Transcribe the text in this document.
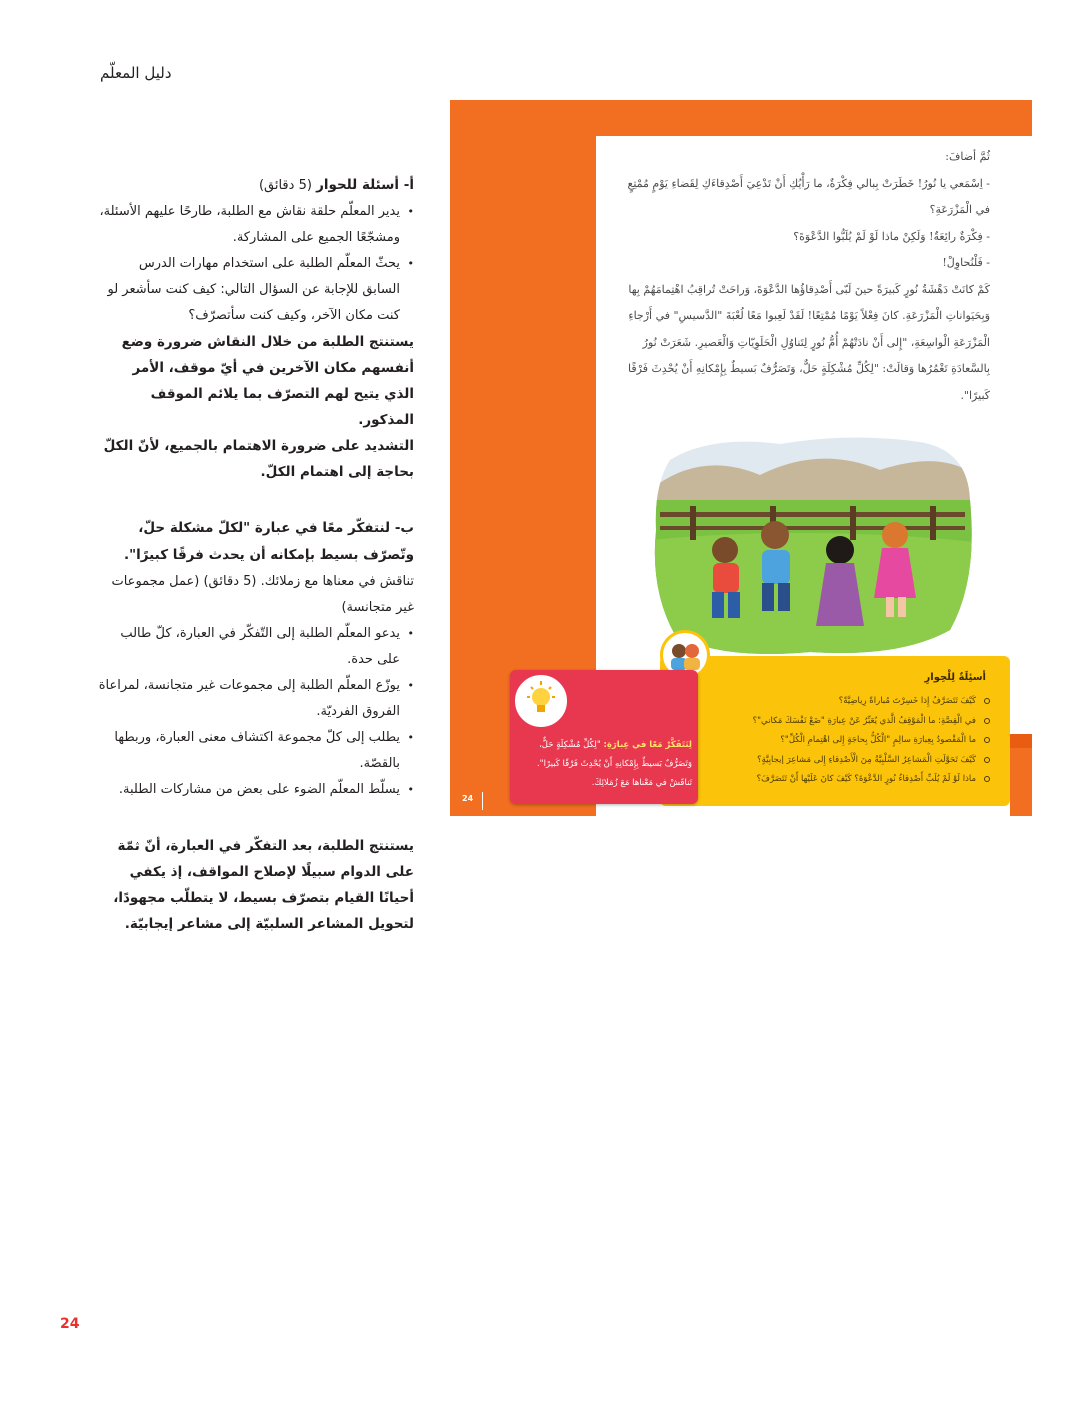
دليل المعلّم

أ- أسئلة للحوار (5 دقائق)

• يدير المعلّم حلقة نقاش مع الطلبة، طارحًا عليهم الأسئلة، ومشجّعًا الجميع على المشاركة.
• يحثّ المعلّم الطلبة على استخدام مهارات الدرس السابق للإجابة عن السؤال التالي: كيف كنت سأشعر لو كنت مكان الآخر، وكيف كنت سأتصرّف؟

يستنتج الطلبة من خلال النقاش ضرورة وضع أنفسهم مكان الآخرين في أيّ موقف، الأمر الذي يتيح لهم التصرّف بما يلائم الموقف المذكور.

التشديد على ضرورة الاهتمام بالجميع، لأنّ الكلّ بحاجة إلى اهتمام الكلّ.

ب- لنتفكّر معًا في عبارة "لكلّ مشكلة حلّ، وتّصرّف بسيط بإمكانه أن يحدث فرقًا كبيرًا". تناقش في معناها مع زملائك. (5 دقائق) (عمل مجموعات غير متجانسة)

• يدعو المعلّم الطلبة إلى التّفكّر في العبارة، كلّ طالب على حدة.
• يوزّع المعلّم الطلبة إلى مجموعات غير متجانسة، لمراعاة الفروق الفرديّة.
• يطلب إلى كلّ مجموعة اكتشاف معنى العبارة، وربطها بالقصّة.
• يسلّط المعلّم الضوء على بعض من مشاركات الطلبة.

يستنتج الطلبة، بعد التفكّر في العبارة، أنّ ثمّة على الدوام سبيلًا لإصلاح المواقف، إذ يكفي أحيانًا القيام بتصرّف بسيط، لا يتطلّب مجهودًا، لتحويل المشاعر السلبيّة إلى مشاعر إيجابيّة.

ثُمَّ أضافَ:

- اِسْمَعي يا نُورُ! خَطَرَتْ بِبالي فِكْرَةٌ، ما رَأْيُكِ أَنْ تَدْعِيَ أَصْدِقاءَكِ لِقَضاءِ يَوْمٍ مُمْتِعٍ في الْمَزْرَعَةِ؟

- فِكْرَةٌ رائِعَةٌ! وَلَكِنْ ماذا لَوْ لَمْ يُلَبُّوا الدَّعْوَةَ؟

- فَلْنُحاوِلْ!

كَمْ كانَتْ دَهْشَةُ نُورٍ كَبيرَةً حينَ لَبّى أَصْدِقاؤُها الدَّعْوَةَ، وَراحَتْ تُراقِبُ اهْتِمامَهُمْ بِها وَبِحَيَواناتِ الْمَزْرَعَةِ. كانَ فِعْلاً يَوْمًا مُمْتِعًا! لَقَدْ لَعِبوا مَعًا لُعْبَةَ "الدَّسيسِ" في أَرْجاءِ الْمَزْرَعَةِ الْواسِعَةِ، "إِلى أَنْ نادَتْهُمْ أُمُّ نُورٍ لِتَناوُلِ الْحَلَوِيّاتِ وَالْعَصيرِ. شَعَرَتْ نُورُ بِالسَّعادَةِ تَغْمُرُها وَقالَتْ: "لِكُلِّ مُشْكِلَةٍ حَلٌّ، وَتَصَرُّفٌ بَسيطٌ بِإِمْكانِهِ أَنْ يُحْدِثَ فَرْقًا كَبيرًا".

أسئِلَةٌ لِلْحِوارِ
كَيْفَ تَتَصَرَّفُ إِذا خَسِرْتَ مُباراةً رِياضِيَّةً؟
في الْقِصَّةِ: ما الْمَوْقِفُ الَّذي يُعَبِّرُ عَنْ عِبارَةِ "ضَعْ نَفْسَكَ مَكاني"؟
ما الْمَقْصودُ بِعِبارَةِ سالِمٍ "الْكُلُّ بِحاجَةٍ إِلى اهْتِمامِ الْكُلِّ"؟
كَيْفَ تَحَوَّلَتِ الْمَشاعِرُ السَّلْبِيَّةُ مِنَ الْأَصْدِقاءِ إِلى مَشاعِرَ إيجابِيَّةٍ؟
ماذا لَوْ لَمْ يُلَبِّ أَصْدِقاءُ نُورٍ الدَّعْوَةَ؟ كَيْفَ كانَ عَلَيْها أَنْ تَتَصَرَّفَ؟
لِنَتَفَكَّرْ مَعًا في عِبارَةِ: "لِكُلِّ مُشْكِلَةٍ حَلٌّ، وَتَصَرُّفٌ بَسيطٌ بِإِمْكانِهِ أَنْ يُحْدِثَ فَرْقًا كَبيرًا". تَناقَشْ في مَعْناها مَعَ زُمَلائِكَ.
24
24
